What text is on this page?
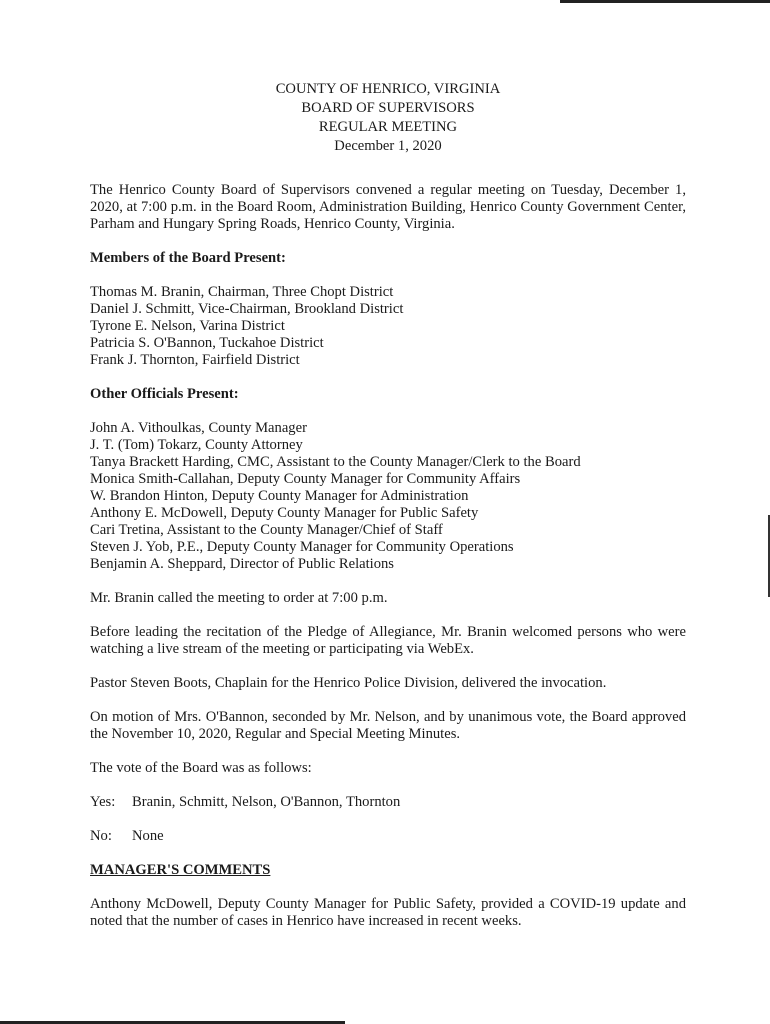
COUNTY OF HENRICO, VIRGINIA
BOARD OF SUPERVISORS
REGULAR MEETING
December 1, 2020

The Henrico County Board of Supervisors convened a regular meeting on Tuesday, December 1, 2020, at 7:00 p.m. in the Board Room, Administration Building, Henrico County Government Center, Parham and Hungary Spring Roads, Henrico County, Virginia.

Members of the Board Present:
Thomas M. Branin, Chairman, Three Chopt District
Daniel J. Schmitt, Vice-Chairman, Brookland District
Tyrone E. Nelson, Varina District
Patricia S. O'Bannon, Tuckahoe District
Frank J. Thornton, Fairfield District
Other Officials Present:
John A. Vithoulkas, County Manager
J. T. (Tom) Tokarz, County Attorney
Tanya Brackett Harding, CMC, Assistant to the County Manager/Clerk to the Board
Monica Smith-Callahan, Deputy County Manager for Community Affairs
W. Brandon Hinton, Deputy County Manager for Administration
Anthony E. McDowell, Deputy County Manager for Public Safety
Cari Tretina, Assistant to the County Manager/Chief of Staff
Steven J. Yob, P.E., Deputy County Manager for Community Operations
Benjamin A. Sheppard, Director of Public Relations

Mr. Branin called the meeting to order at 7:00 p.m.

Before leading the recitation of the Pledge of Allegiance, Mr. Branin welcomed persons who were watching a live stream of the meeting or participating via WebEx.

Pastor Steven Boots, Chaplain for the Henrico Police Division, delivered the invocation.

On motion of Mrs. O'Bannon, seconded by Mr. Nelson, and by unanimous vote, the Board approved the November 10, 2020, Regular and Special Meeting Minutes.

The vote of the Board was as follows:

Yes: Branin, Schmitt, Nelson, O'Bannon, Thornton
No: None
MANAGER'S COMMENTS

Anthony McDowell, Deputy County Manager for Public Safety, provided a COVID-19 update and noted that the number of cases in Henrico have increased in recent weeks.
